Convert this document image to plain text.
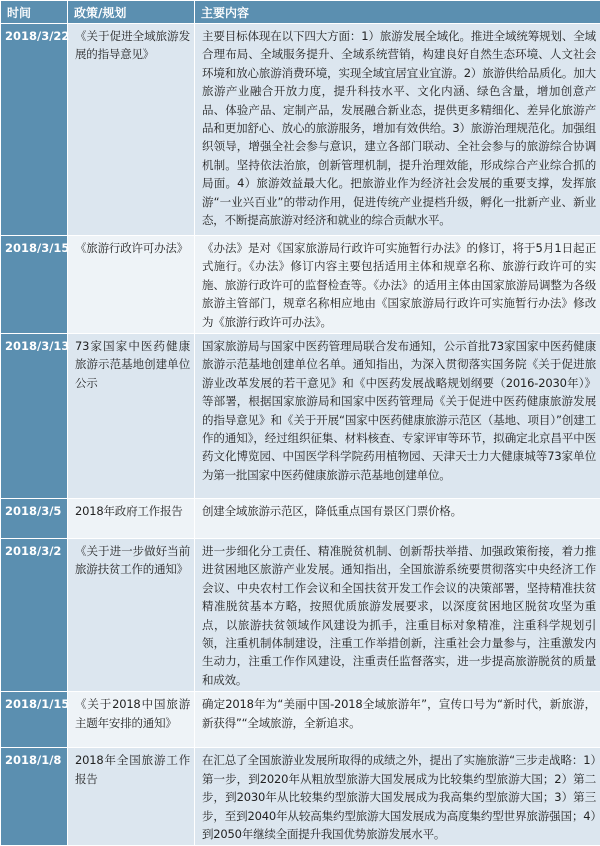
时间	政策/规划	主要内容
2018/3/22	《关于促进全域旅游发展的指导意见》	主要目标体现在以下四大方面：1）旅游发展全域化。推进全域统筹规划、全域合理布局、全域服务提升、全域系统营销，构建良好自然生态环境、人文社会环境和放心旅游消费环境，实现全域宜居宜业宜游。2）旅游供给品质化。加大旅游产业融合开放力度，提升科技水平、文化内涵、绿色含量，增加创意产品、体验产品、定制产品，发展融合新业态，提供更多精细化、差异化旅游产品和更加舒心、放心的旅游服务，增加有效供给。3）旅游治理规范化。加强组织领导，增强全社会参与意识，建立各部门联动、全社会参与的旅游综合协调机制。坚持依法治旅，创新管理机制，提升治理效能，形成综合产业综合抓的局面。4）旅游效益最大化。把旅游业作为经济社会发展的重要支撑，发挥旅游“一业兴百业”的带动作用，促进传统产业提档升级，孵化一批新产业、新业态，不断提高旅游对经济和就业的综合贡献水平。
2018/3/15	《旅游行政许可办法》	《办法》是对《国家旅游局行政许可实施暂行办法》的修订，将于5月1日起正式施行。《办法》修订内容主要包括适用主体和规章名称、旅游行政许可的实施、旅游行政许可的监督检查等。《办法》的适用主体由国家旅游局调整为各级旅游主管部门，规章名称相应地由《国家旅游局行政许可实施暂行办法》修改为《旅游行政许可办法》。
2018/3/13	73家国家中医药健康旅游示范基地创建单位公示	国家旅游局与国家中医药管理局联合发布通知，公示首批73家国家中医药健康旅游示范基地创建单位名单。通知指出，为深入贯彻落实国务院《关于促进旅游业改革发展的若干意见》和《中医药发展战略规划纲要（2016-2030年）》等部署，根据国家旅游局和国家中医药管理局《关于促进中医药健康旅游发展的指导意见》和《关于开展“国家中医药健康旅游示范区（基地、项目）”创建工作的通知》，经过组织征集、材料核查、专家评审等环节，拟确定北京昌平中医药文化博览园、中国医学科学院药用植物园、天津天士力大健康城等73家单位为第一批国家中医药健康旅游示范基地创建单位。
2018/3/5	2018年政府工作报告	创建全域旅游示范区，降低重点国有景区门票价格。
2018/3/2	《关于进一步做好当前旅游扶贫工作的通知》	进一步细化分工责任、精准脱贫机制、创新帮扶举措、加强政策衔接，着力推进贫困地区旅游产业发展。通知指出，全国旅游系统要贯彻落实中央经济工作会议、中央农村工作会议和全国扶贫开发工作会议的决策部署，坚持精准扶贫精准脱贫基本方略，按照优质旅游发展要求，以深度贫困地区脱贫攻坚为重点，以旅游扶贫领域作风建设为抓手，注重目标对象精准，注重科学规划引领，注重机制体制建设，注重工作举措创新，注重社会力量参与，注重激发内生动力，注重工作作风建设，注重责任监督落实，进一步提高旅游脱贫的质量和成效。
2018/1/15	《关于2018中国旅游主题年安排的通知》	确定2018年为“美丽中国-2018全域旅游年”，宣传口号为“新时代，新旅游，新获得”“全域旅游，全新追求。
2018/1/8	2018年全国旅游工作报告	在汇总了全国旅游业发展所取得的成绩之外，提出了实施旅游“三步走战略：1）第一步，到2020年从粗放型旅游大国发展成为比较集约型旅游大国；2）第二步，到2030年从比较集约型旅游大国发展成为我高集约型旅游大国；3）第三步，至到2040年从较高集约型旅游大国发展成为高度集约型世界旅游强国；4）到2050年继续全面提升我国优势旅游发展水平。
